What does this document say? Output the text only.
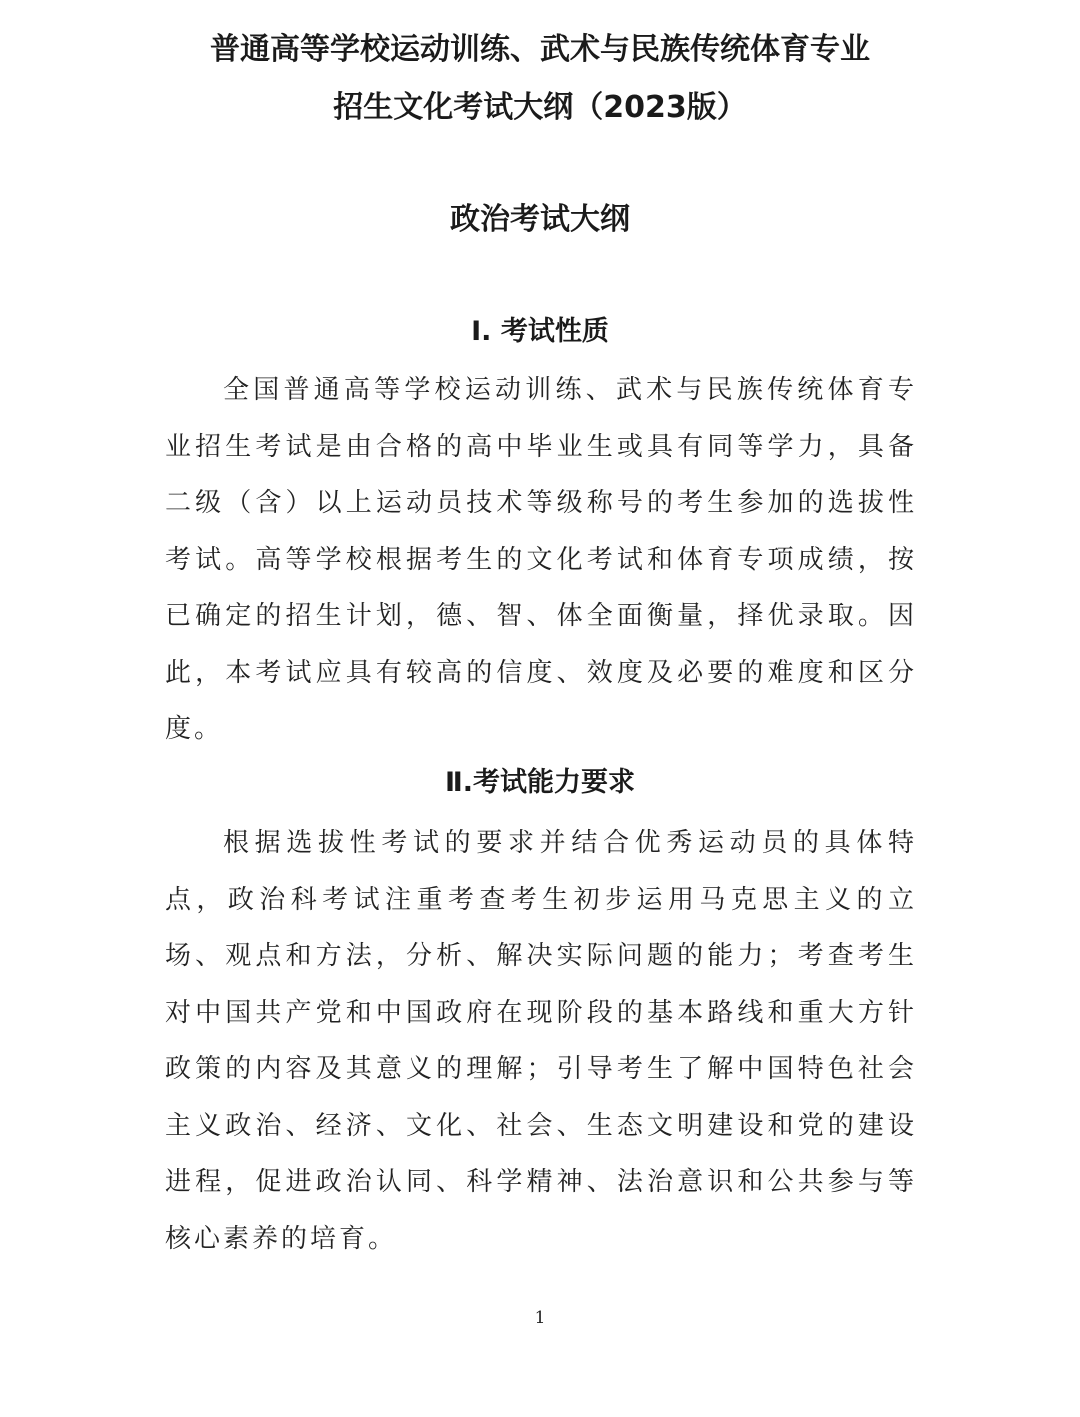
普通高等学校运动训练、武术与民族传统体育专业
招生文化考试大纲（2023版）
政治考试大纲
Ⅰ. 考试性质

全国普通高等学校运动训练、武术与民族传统体育专业招生考试是由合格的高中毕业生或具有同等学力，具备二级（含）以上运动员技术等级称号的考生参加的选拔性考试。高等学校根据考生的文化考试和体育专项成绩，按已确定的招生计划，德、智、体全面衡量，择优录取。因此，本考试应具有较高的信度、效度及必要的难度和区分度。

Ⅱ.考试能力要求

根据选拔性考试的要求并结合优秀运动员的具体特点，政治科考试注重考查考生初步运用马克思主义的立场、观点和方法，分析、解决实际问题的能力；考查考生对中国共产党和中国政府在现阶段的基本路线和重大方针政策的内容及其意义的理解；引导考生了解中国特色社会主义政治、经济、文化、社会、生态文明建设和党的建设进程，促进政治认同、科学精神、法治意识和公共参与等核心素养的培育。

1
